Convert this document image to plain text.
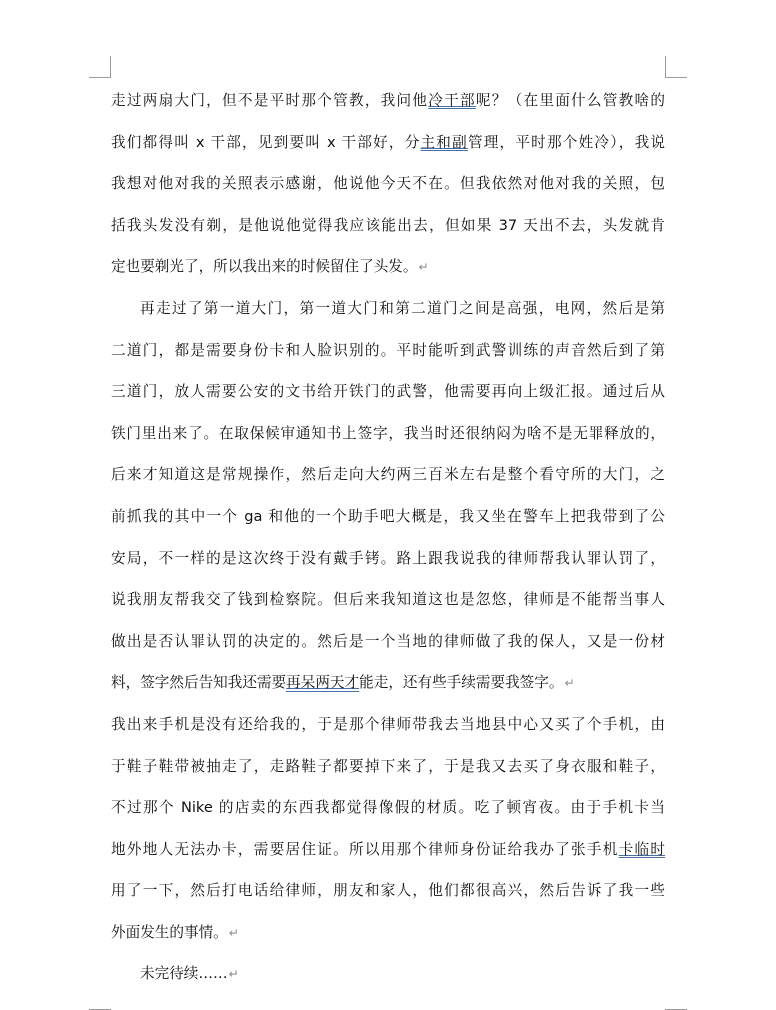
走过两扇大门，但不是平时那个管教，我问他冷干部呢？（在里面什么管教啥的
我们都得叫 x 干部，见到要叫 x 干部好，分主和副管理，平时那个姓冷），我说
我想对他对我的关照表示感谢，他说他今天不在。但我依然对他对我的关照，包
括我头发没有剃，是他说他觉得我应该能出去，但如果 37 天出不去，头发就肯
定也要剃光了，所以我出来的时候留住了头发。↵
再走过了第一道大门，第一道大门和第二道门之间是高强，电网，然后是第
二道门，都是需要身份卡和人脸识别的。平时能听到武警训练的声音然后到了第
三道门，放人需要公安的文书给开铁门的武警，他需要再向上级汇报。通过后从
铁门里出来了。在取保候审通知书上签字，我当时还很纳闷为啥不是无罪释放的，
后来才知道这是常规操作，然后走向大约两三百米左右是整个看守所的大门，之
前抓我的其中一个 ga 和他的一个助手吧大概是，我又坐在警车上把我带到了公
安局，不一样的是这次终于没有戴手铐。路上跟我说我的律师帮我认罪认罚了，
说我朋友帮我交了钱到检察院。但后来我知道这也是忽悠，律师是不能帮当事人
做出是否认罪认罚的决定的。然后是一个当地的律师做了我的保人，又是一份材
料，签字然后告知我还需要再呆两天才能走，还有些手续需要我签字。↵
我出来手机是没有还给我的，于是那个律师带我去当地县中心又买了个手机，由
于鞋子鞋带被抽走了，走路鞋子都要掉下来了，于是我又去买了身衣服和鞋子，
不过那个 Nike 的店卖的东西我都觉得像假的材质。吃了顿宵夜。由于手机卡当
地外地人无法办卡，需要居住证。所以用那个律师身份证给我办了张手机卡临时
用了一下，然后打电话给律师，朋友和家人，他们都很高兴，然后告诉了我一些
外面发生的事情。↵
未完待续……↵
